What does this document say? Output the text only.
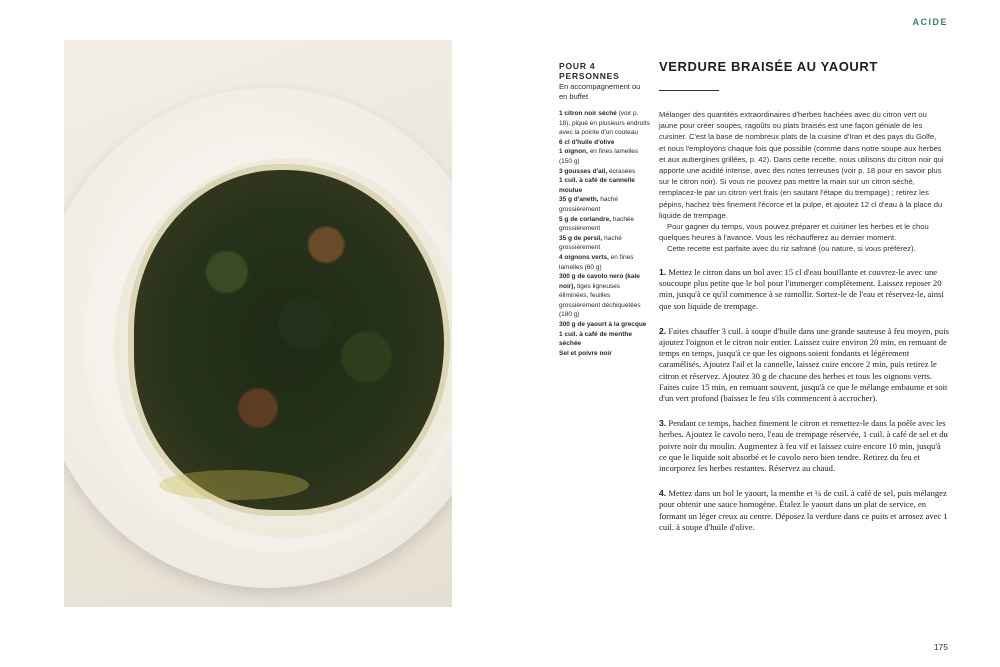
ACIDE
POUR 4 PERSONNES
En accompagnement ou en buffet
1 citron noir séché (voir p. 18), piqué en plusieurs endroits avec la pointe d'un couteau
6 cl d'huile d'olive
1 oignon, en fines lamelles (150 g)
3 gousses d'ail, écrasées
1 cuil. à café de cannelle moulue
35 g d'aneth, haché grossièrement
5 g de coriandre, hachée grossièrement
35 g de persil, haché grossièrement
4 oignons verts, en fines lamelles (60 g)
300 g de cavolo nero (kale noir), tiges ligneuses éliminées, feuilles grossièrement déchiquetées (180 g)
300 g de yaourt à la grecque
1 cuil. à café de menthe séchée
Sel et poivre noir
VERDURE BRAISÉE AU YAOURT

Mélanger des quantités extraordinaires d'herbes hachées avec du citron vert ou jaune pour créer soupes, ragoûts ou plats braisés est une façon géniale de les cuisiner. C'est la base de nombreux plats de la cuisine d'Iran et des pays du Golfe, et nous l'employons chaque fois que possible (comme dans notre soupe aux herbes et aux aubergines grillées, p. 42). Dans cette recette, nous utilisons du citron noir qui apporte une acidité intense, avec des notes terreuses (voir p. 18 pour en savoir plus sur le citron noir). Si vous ne pouvez pas mettre la main sur un citron séché, remplacez-le par un citron vert frais (en sautant l'étape du trempage) ; retirez les pépins, hachez très finement l'écorce et la pulpe, et ajoutez 12 cl d'eau à la place du liquide de trempage.

Pour gagner du temps, vous pouvez préparer et cuisiner les herbes et le chou quelques heures à l'avance. Vous les réchaufferez au dernier moment.

Cette recette est parfaite avec du riz safrané (ou nature, si vous préférez).

1. Mettez le citron dans un bol avec 15 cl d'eau bouillante et couvrez-le avec une soucoupe plus petite que le bol pour l'immerger complètement. Laissez reposer 20 min, jusqu'à ce qu'il commence à se ramollir. Sortez-le de l'eau et réservez-le, ainsi que son liquide de trempage.
2. Faites chauffer 3 cuil. à soupe d'huile dans une grande sauteuse à feu moyen, puis ajoutez l'oignon et le citron noir entier. Laissez cuire environ 20 min, en remuant de temps en temps, jusqu'à ce que les oignons soient fondants et légèrement caramélisés. Ajoutez l'ail et la cannelle, laissez cuire encore 2 min, puis retirez le citron et réservez. Ajoutez 30 g de chacune des herbes et tous les oignons verts. Faites cuire 15 min, en remuant souvent, jusqu'à ce que le mélange embaume et soit d'un vert profond (baissez le feu s'ils commencent à accrocher).
3. Pendant ce temps, hachez finement le citron et remettez-le dans la poêle avec les herbes. Ajoutez le cavolo nero, l'eau de trempage réservée, 1 cuil. à café de sel et du poivre noir du moulin. Augmentez à feu vif et laissez cuire encore 10 min, jusqu'à ce que le liquide soit absorbé et le cavolo nero bien tendre. Retirez du feu et incorporez les herbes restantes. Réservez au chaud.
4. Mettez dans un bol le yaourt, la menthe et ¼ de cuil. à café de sel, puis mélangez pour obtenir une sauce homogène. Étalez le yaourt dans un plat de service, en formant un léger creux au centre. Déposez la verdure dans ce puits et arrosez avec 1 cuil. à soupe d'huile d'olive.
175
